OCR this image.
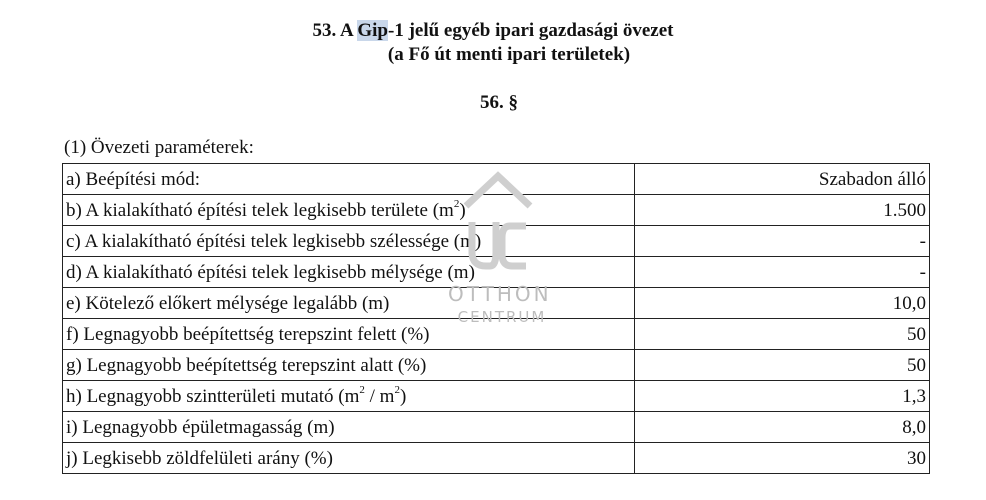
53. A Gip-1 jelű egyéb ipari gazdasági övezet
(a Fő út menti ipari területek)
56. §
(1) Övezeti paraméterek:
a) Beépítési mód:	Szabadon álló
b) A kialakítható építési telek legkisebb területe $(m^2)$	1.500
c) A kialakítható építési telek legkisebb szélessége (m)	-
d) A kialakítható építési telek legkisebb mélysége (m)	-
e) Kötelező előkert mélysége legalább (m)	10,0
f) Legnagyobb beépítettség terepszint felett (%)	50
g) Legnagyobb beépítettség terepszint alatt (%)	50
h) Legnagyobb szintterületi mutató $(m^2 / m^2)$	1,3
i) Legnagyobb épületmagasság (m)	8,0
j) Legkisebb zöldfelületi arány (%)	30
OTTHON
CENTRUM
